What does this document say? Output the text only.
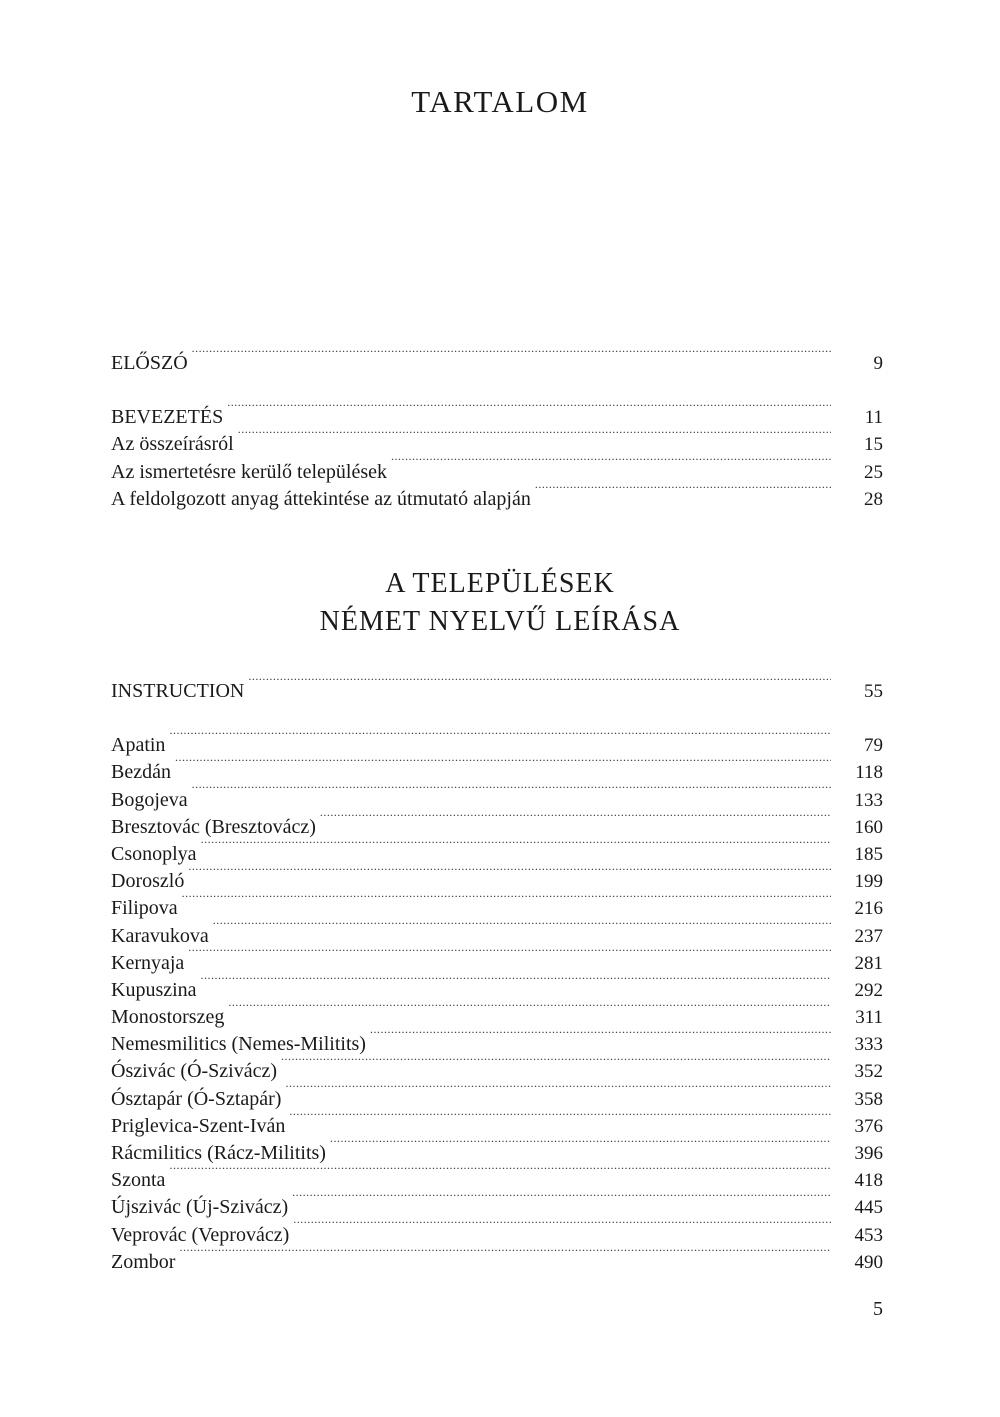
TARTALOM
ELŐSZÓ .....	9
BEVEZETÉS .....	11
Az összeírásról .....	15
Az ismertetésre kerülő települések .....	25
A feldolgozott anyag áttekintése az útmutató alapján .....	28
A TELEPÜLÉSEK
NÉMET NYELVŰ LEÍRÁSA
INSTRUCTION .....	55
Apatin .....	79
Bezdán .....	118
Bogojeva .....	133
Bresztovác (Bresztovácz) .....	160
Csonoplya .....	185
Doroszló .....	199
Filipova .....	216
Karavukova .....	237
Kernyaja .....	281
Kupuszina .....	292
Monostorszeg .....	311
Nemesmilitics (Nemes-Militits) .....	333
Ószivác (Ó-Szivácz) .....	352
Ósztapár (Ó-Sztapár) .....	358
Priglevica-Szent-Iván .....	376
Rácmilitics (Rácz-Militits) .....	396
Szonta .....	418
Újszivác (Új-Szivácz) .....	445
Veprovác (Veprovácz) .....	453
Zombor .....	490
5
